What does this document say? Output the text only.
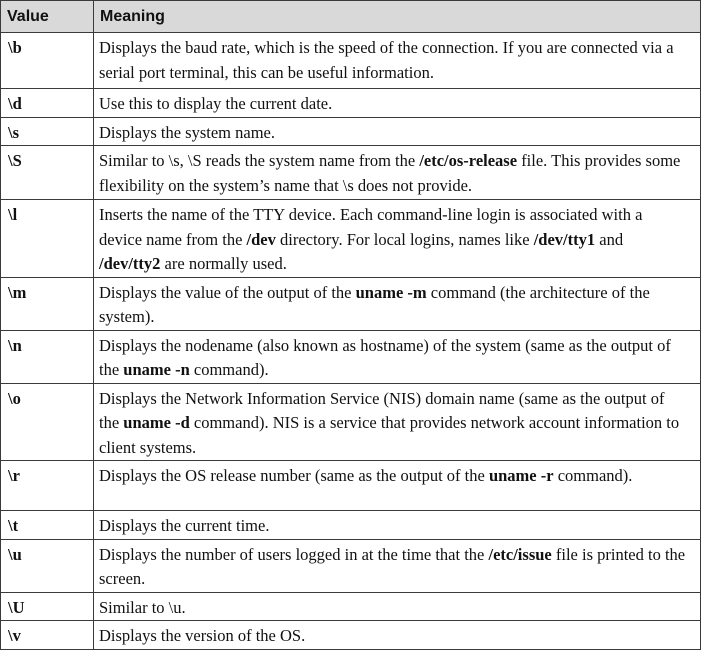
Value	Meaning
\b	Displays the baud rate, which is the speed of the connection. If you are connected via a serial port terminal, this can be useful information.
\d	Use this to display the current date.
\s	Displays the system name.
\S	Similar to \s, \S reads the system name from the /etc/os-release file. This provides some flexibility on the system’s name that \s does not provide.
\l	Inserts the name of the TTY device. Each command-line login is associated with a device name from the /dev directory. For local logins, names like /dev/tty1 and /dev/tty2 are normally used.
\m	Displays the value of the output of the uname -m command (the architecture of the system).
\n	Displays the nodename (also known as hostname) of the system (same as the output of the uname -n command).
\o	Displays the Network Information Service (NIS) domain name (same as the output of the uname -d command). NIS is a service that provides network account information to client systems.
\r	Displays the OS release number (same as the output of the uname -r command).
\t	Displays the current time.
\u	Displays the number of users logged in at the time that the /etc/issue file is printed to the screen.
\U	Similar to \u.
\v	Displays the version of the OS.
